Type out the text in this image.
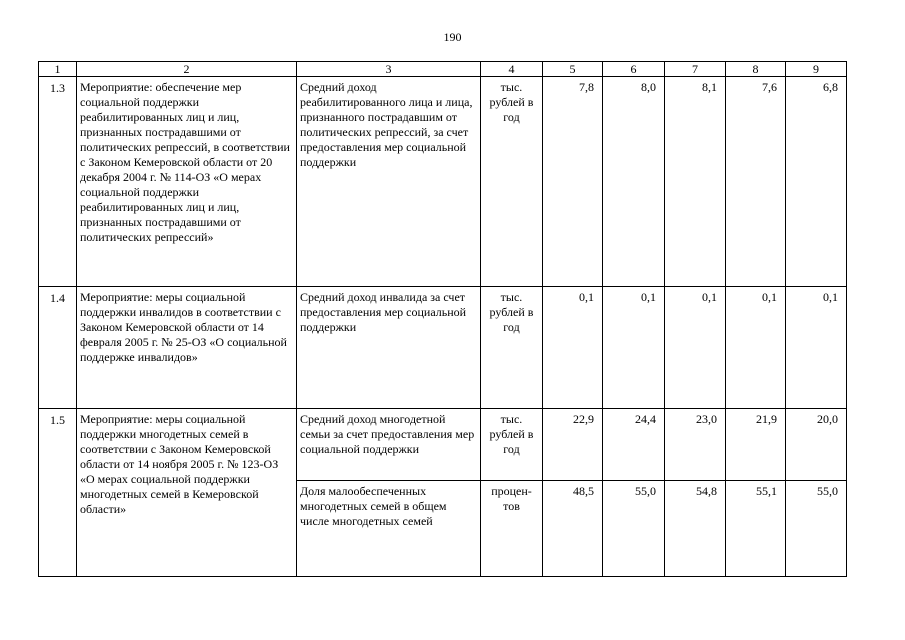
190
1	2	3	4	5	6	7	8	9
1.3	Мероприятие: обеспечение мер социальной поддержки реабилитированных лиц и лиц, признанных пострадавшими от политических репрессий, в соответствии с Законом Кемеровской области от 20 декабря 2004 г. № 114-ОЗ «О мерах социальной поддержки реабилитированных лиц и лиц, признанных пострадавшими от политических репрессий»	Средний доход реабилитированного лица и лица, признанного пострадавшим от политических репрессий, за счет предоставления мер социальной поддержки	тыс. рублей в год	7,8	8,0	8,1	7,6	6,8
1.4	Мероприятие: меры социальной поддержки инвалидов в соответствии с Законом Кемеровской области от 14 февраля 2005 г. № 25-ОЗ «О социальной поддержке инвалидов»	Средний доход инвалида за счет предоставления мер социальной поддержки	тыс. рублей в год	0,1	0,1	0,1	0,1	0,1
1.5	Мероприятие: меры социальной поддержки многодетных семей в соответствии с Законом Кемеровской области от 14 ноября 2005 г. № 123-ОЗ «О мерах социальной поддержки многодетных семей в Кемеровской области»	Средний доход многодетной семьи за счет предоставления мер социальной поддержки	тыс. рублей в год	22,9	24,4	23,0	21,9	20,0
		Доля малообеспеченных многодетных семей в общем числе многодетных семей	процен-тов	48,5	55,0	54,8	55,1	55,0
